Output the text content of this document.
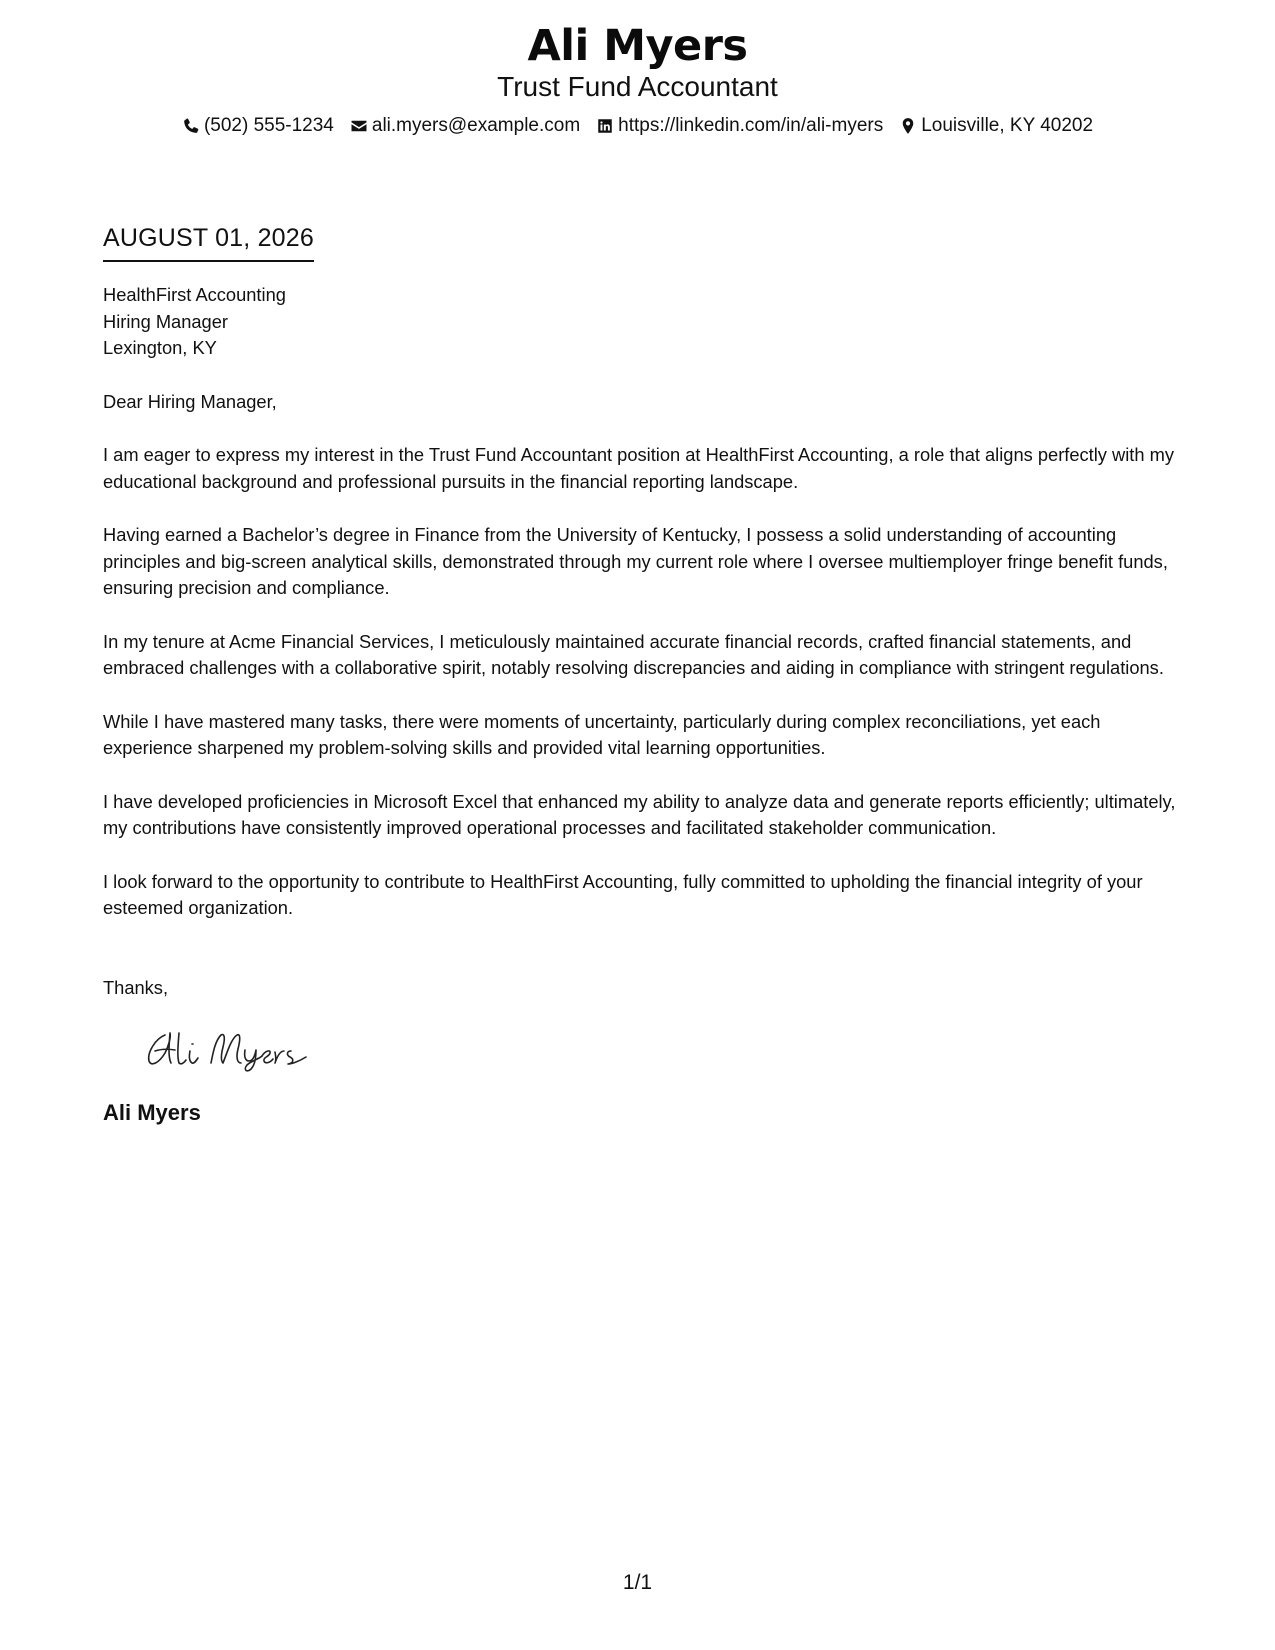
Ali Myers
Trust Fund Accountant
(502) 555-1234 ali.myers@example.com https://linkedin.com/in/ali-myers Louisville, KY 40202
AUGUST 01, 2026
HealthFirst Accounting
Hiring Manager
Lexington, KY
Dear Hiring Manager,
I am eager to express my interest in the Trust Fund Accountant position at HealthFirst Accounting, a role that aligns perfectly with my educational background and professional pursuits in the financial reporting landscape.
Having earned a Bachelor’s degree in Finance from the University of Kentucky, I possess a solid understanding of accounting principles and big-screen analytical skills, demonstrated through my current role where I oversee multiemployer fringe benefit funds, ensuring precision and compliance.
In my tenure at Acme Financial Services, I meticulously maintained accurate financial records, crafted financial statements, and embraced challenges with a collaborative spirit, notably resolving discrepancies and aiding in compliance with stringent regulations.
While I have mastered many tasks, there were moments of uncertainty, particularly during complex reconciliations, yet each experience sharpened my problem-solving skills and provided vital learning opportunities.
I have developed proficiencies in Microsoft Excel that enhanced my ability to analyze data and generate reports efficiently; ultimately, my contributions have consistently improved operational processes and facilitated stakeholder communication.
I look forward to the opportunity to contribute to HealthFirst Accounting, fully committed to upholding the financial integrity of your esteemed organization.
Thanks,
Ali Myers
1/1
